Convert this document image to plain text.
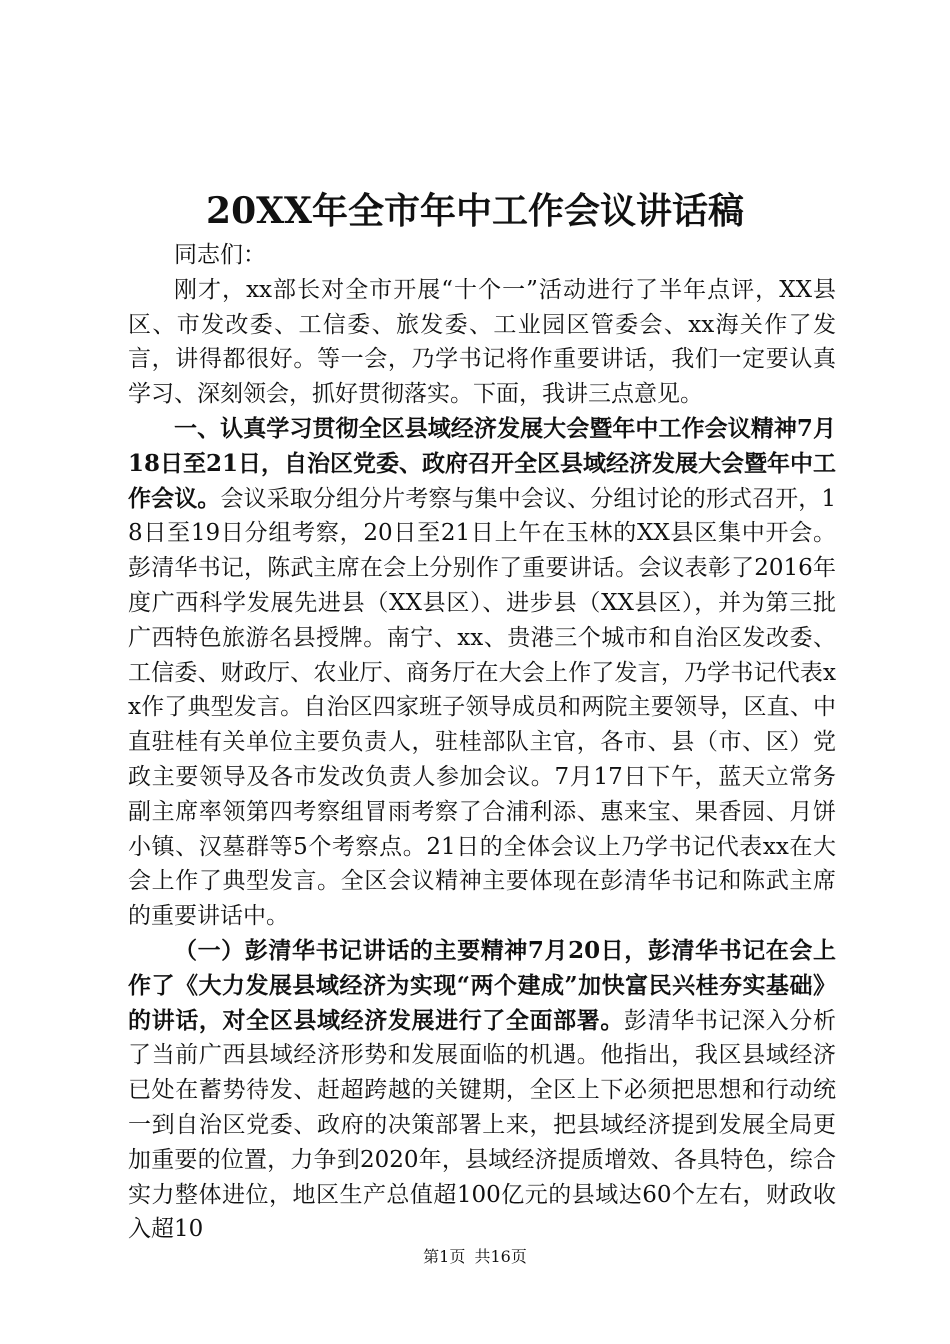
20XX年全市年中工作会议讲话稿

同志们：

刚才，xx部长对全市开展“十个一”活动进行了半年点评，XX县区、市发改委、工信委、旅发委、工业园区管委会、xx海关作了发言，讲得都很好。等一会，乃学书记将作重要讲话，我们一定要认真学习、深刻领会，抓好贯彻落实。下面，我讲三点意见。

一、认真学习贯彻全区县域经济发展大会暨年中工作会议精神7月18日至21日，自治区党委、政府召开全区县域经济发展大会暨年中工作会议。会议采取分组分片考察与集中会议、分组讨论的形式召开，18日至19日分组考察，20日至21日上午在玉林的XX县区集中开会。彭清华书记，陈武主席在会上分别作了重要讲话。会议表彰了2016年度广西科学发展先进县（XX县区）、进步县（XX县区），并为第三批广西特色旅游名县授牌。南宁、xx、贵港三个城市和自治区发改委、工信委、财政厅、农业厅、商务厅在大会上作了发言，乃学书记代表xx作了典型发言。自治区四家班子领导成员和两院主要领导，区直、中直驻桂有关单位主要负责人，驻桂部队主官，各市、县（市、区）党政主要领导及各市发改负责人参加会议。7月17日下午，蓝天立常务副主席率领第四考察组冒雨考察了合浦利添、惠来宝、果香园、月饼小镇、汉墓群等5个考察点。21日的全体会议上乃学书记代表xx在大会上作了典型发言。全区会议精神主要体现在彭清华书记和陈武主席的重要讲话中。

（一）彭清华书记讲话的主要精神7月20日，彭清华书记在会上作了《大力发展县域经济为实现“两个建成”加快富民兴桂夯实基础》的讲话，对全区县域经济发展进行了全面部署。彭清华书记深入分析了当前广西县域经济形势和发展面临的机遇。他指出，我区县域经济已处在蓄势待发、赶超跨越的关键期，全区上下必须把思想和行动统一到自治区党委、政府的决策部署上来，把县域经济提到发展全局更加重要的位置，力争到2020年，县域经济提质增效、各具特色，综合实力整体进位，地区生产总值超100亿元的县域达60个左右，财政收入超10

第1页 共16页
